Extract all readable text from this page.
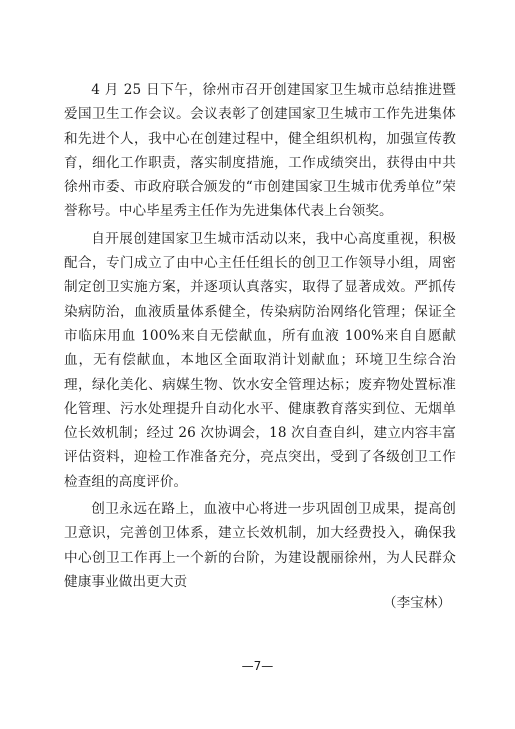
4 月 25 日下午，徐州市召开创建国家卫生城市总结推进暨爱国卫生工作会议。会议表彰了创建国家卫生城市工作先进集体和先进个人，我中心在创建过程中，健全组织机构，加强宣传教育，细化工作职责，落实制度措施，工作成绩突出，获得由中共徐州市委、市政府联合颁发的“市创建国家卫生城市优秀单位”荣誉称号。中心毕星秀主任作为先进集体代表上台领奖。

自开展创建国家卫生城市活动以来，我中心高度重视，积极配合，专门成立了由中心主任任组长的创卫工作领导小组，周密制定创卫实施方案，并逐项认真落实，取得了显著成效。严抓传染病防治，血液质量体系健全，传染病防治网络化管理；保证全市临床用血 100%来自无偿献血，所有血液 100%来自自愿献血，无有偿献血，本地区全面取消计划献血；环境卫生综合治理，绿化美化、病媒生物、饮水安全管理达标；废弃物处置标准化管理、污水处理提升自动化水平、健康教育落实到位、无烟单位长效机制；经过 26 次协调会，18 次自查自纠，建立内容丰富评估资料，迎检工作准备充分，亮点突出，受到了各级创卫工作检查组的高度评价。

创卫永远在路上，血液中心将进一步巩固创卫成果，提高创卫意识，完善创卫体系，建立长效机制，加大经费投入，确保我中心创卫工作再上一个新的台阶，为建设靓丽徐州，为人民群众健康事业做出更大贡

（李宝林）
—7—
